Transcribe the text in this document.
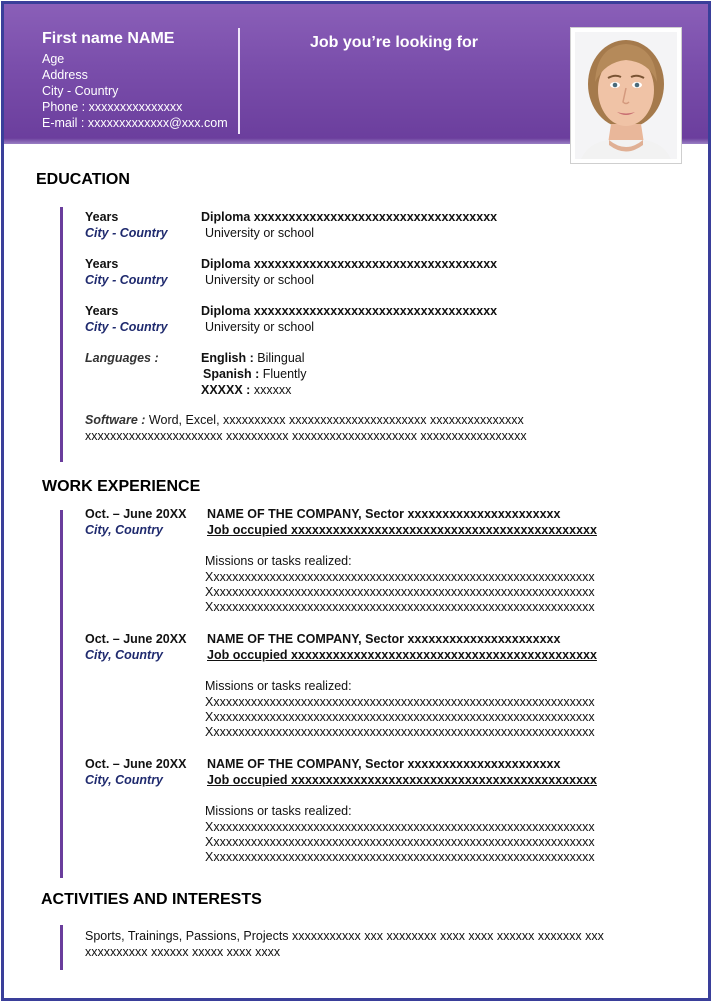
First name NAME
Age
Address
City - Country
Phone : xxxxxxxxxxxxxxx
E-mail : xxxxxxxxxxxxx@xxx.com
Job you’re looking for
EDUCATION
Years
City - Country
Diploma xxxxxxxxxxxxxxxxxxxxxxxxxxxxxxxxxxx
University or school
Years
City - Country
Diploma xxxxxxxxxxxxxxxxxxxxxxxxxxxxxxxxxxx
University or school
Years
City - Country
Diploma xxxxxxxxxxxxxxxxxxxxxxxxxxxxxxxxxxx
University or school
Languages :	English : Bilingual
Spanish : Fluently
XXXXX : xxxxxx
Software : Word, Excel, xxxxxxxxxx xxxxxxxxxxxxxxxxxxxxxx xxxxxxxxxxxxxxx
xxxxxxxxxxxxxxxxxxxxxx xxxxxxxxxx xxxxxxxxxxxxxxxxxxxx xxxxxxxxxxxxxxxxx
WORK EXPERIENCE
Oct. – June 20XX
City, Country
NAME OF THE COMPANY, Sector xxxxxxxxxxxxxxxxxxxxxx
Job occupied xxxxxxxxxxxxxxxxxxxxxxxxxxxxxxxxxxxxxxxxxxxx
Missions or tasks realized:
Xxxxxxxxxxxxxxxxxxxxxxxxxxxxxxxxxxxxxxxxxxxxxxxxxxxxxxxxxxxxxx
Xxxxxxxxxxxxxxxxxxxxxxxxxxxxxxxxxxxxxxxxxxxxxxxxxxxxxxxxxxxxxx
Xxxxxxxxxxxxxxxxxxxxxxxxxxxxxxxxxxxxxxxxxxxxxxxxxxxxxxxxxxxxxx
Oct. – June 20XX
City, Country
NAME OF THE COMPANY, Sector xxxxxxxxxxxxxxxxxxxxxx
Job occupied xxxxxxxxxxxxxxxxxxxxxxxxxxxxxxxxxxxxxxxxxxxx
Missions or tasks realized:
Xxxxxxxxxxxxxxxxxxxxxxxxxxxxxxxxxxxxxxxxxxxxxxxxxxxxxxxxxxxxxx
Xxxxxxxxxxxxxxxxxxxxxxxxxxxxxxxxxxxxxxxxxxxxxxxxxxxxxxxxxxxxxx
Xxxxxxxxxxxxxxxxxxxxxxxxxxxxxxxxxxxxxxxxxxxxxxxxxxxxxxxxxxxxxx
Oct. – June 20XX
City, Country
NAME OF THE COMPANY, Sector xxxxxxxxxxxxxxxxxxxxxx
Job occupied xxxxxxxxxxxxxxxxxxxxxxxxxxxxxxxxxxxxxxxxxxxx
Missions or tasks realized:
Xxxxxxxxxxxxxxxxxxxxxxxxxxxxxxxxxxxxxxxxxxxxxxxxxxxxxxxxxxxxxx
Xxxxxxxxxxxxxxxxxxxxxxxxxxxxxxxxxxxxxxxxxxxxxxxxxxxxxxxxxxxxxx
Xxxxxxxxxxxxxxxxxxxxxxxxxxxxxxxxxxxxxxxxxxxxxxxxxxxxxxxxxxxxxx
ACTIVITIES AND INTERESTS
Sports, Trainings, Passions, Projects xxxxxxxxxxx xxx xxxxxxxx xxxx xxxx xxxxxx xxxxxxx xxx
xxxxxxxxxx xxxxxx xxxxx xxxx xxxx
